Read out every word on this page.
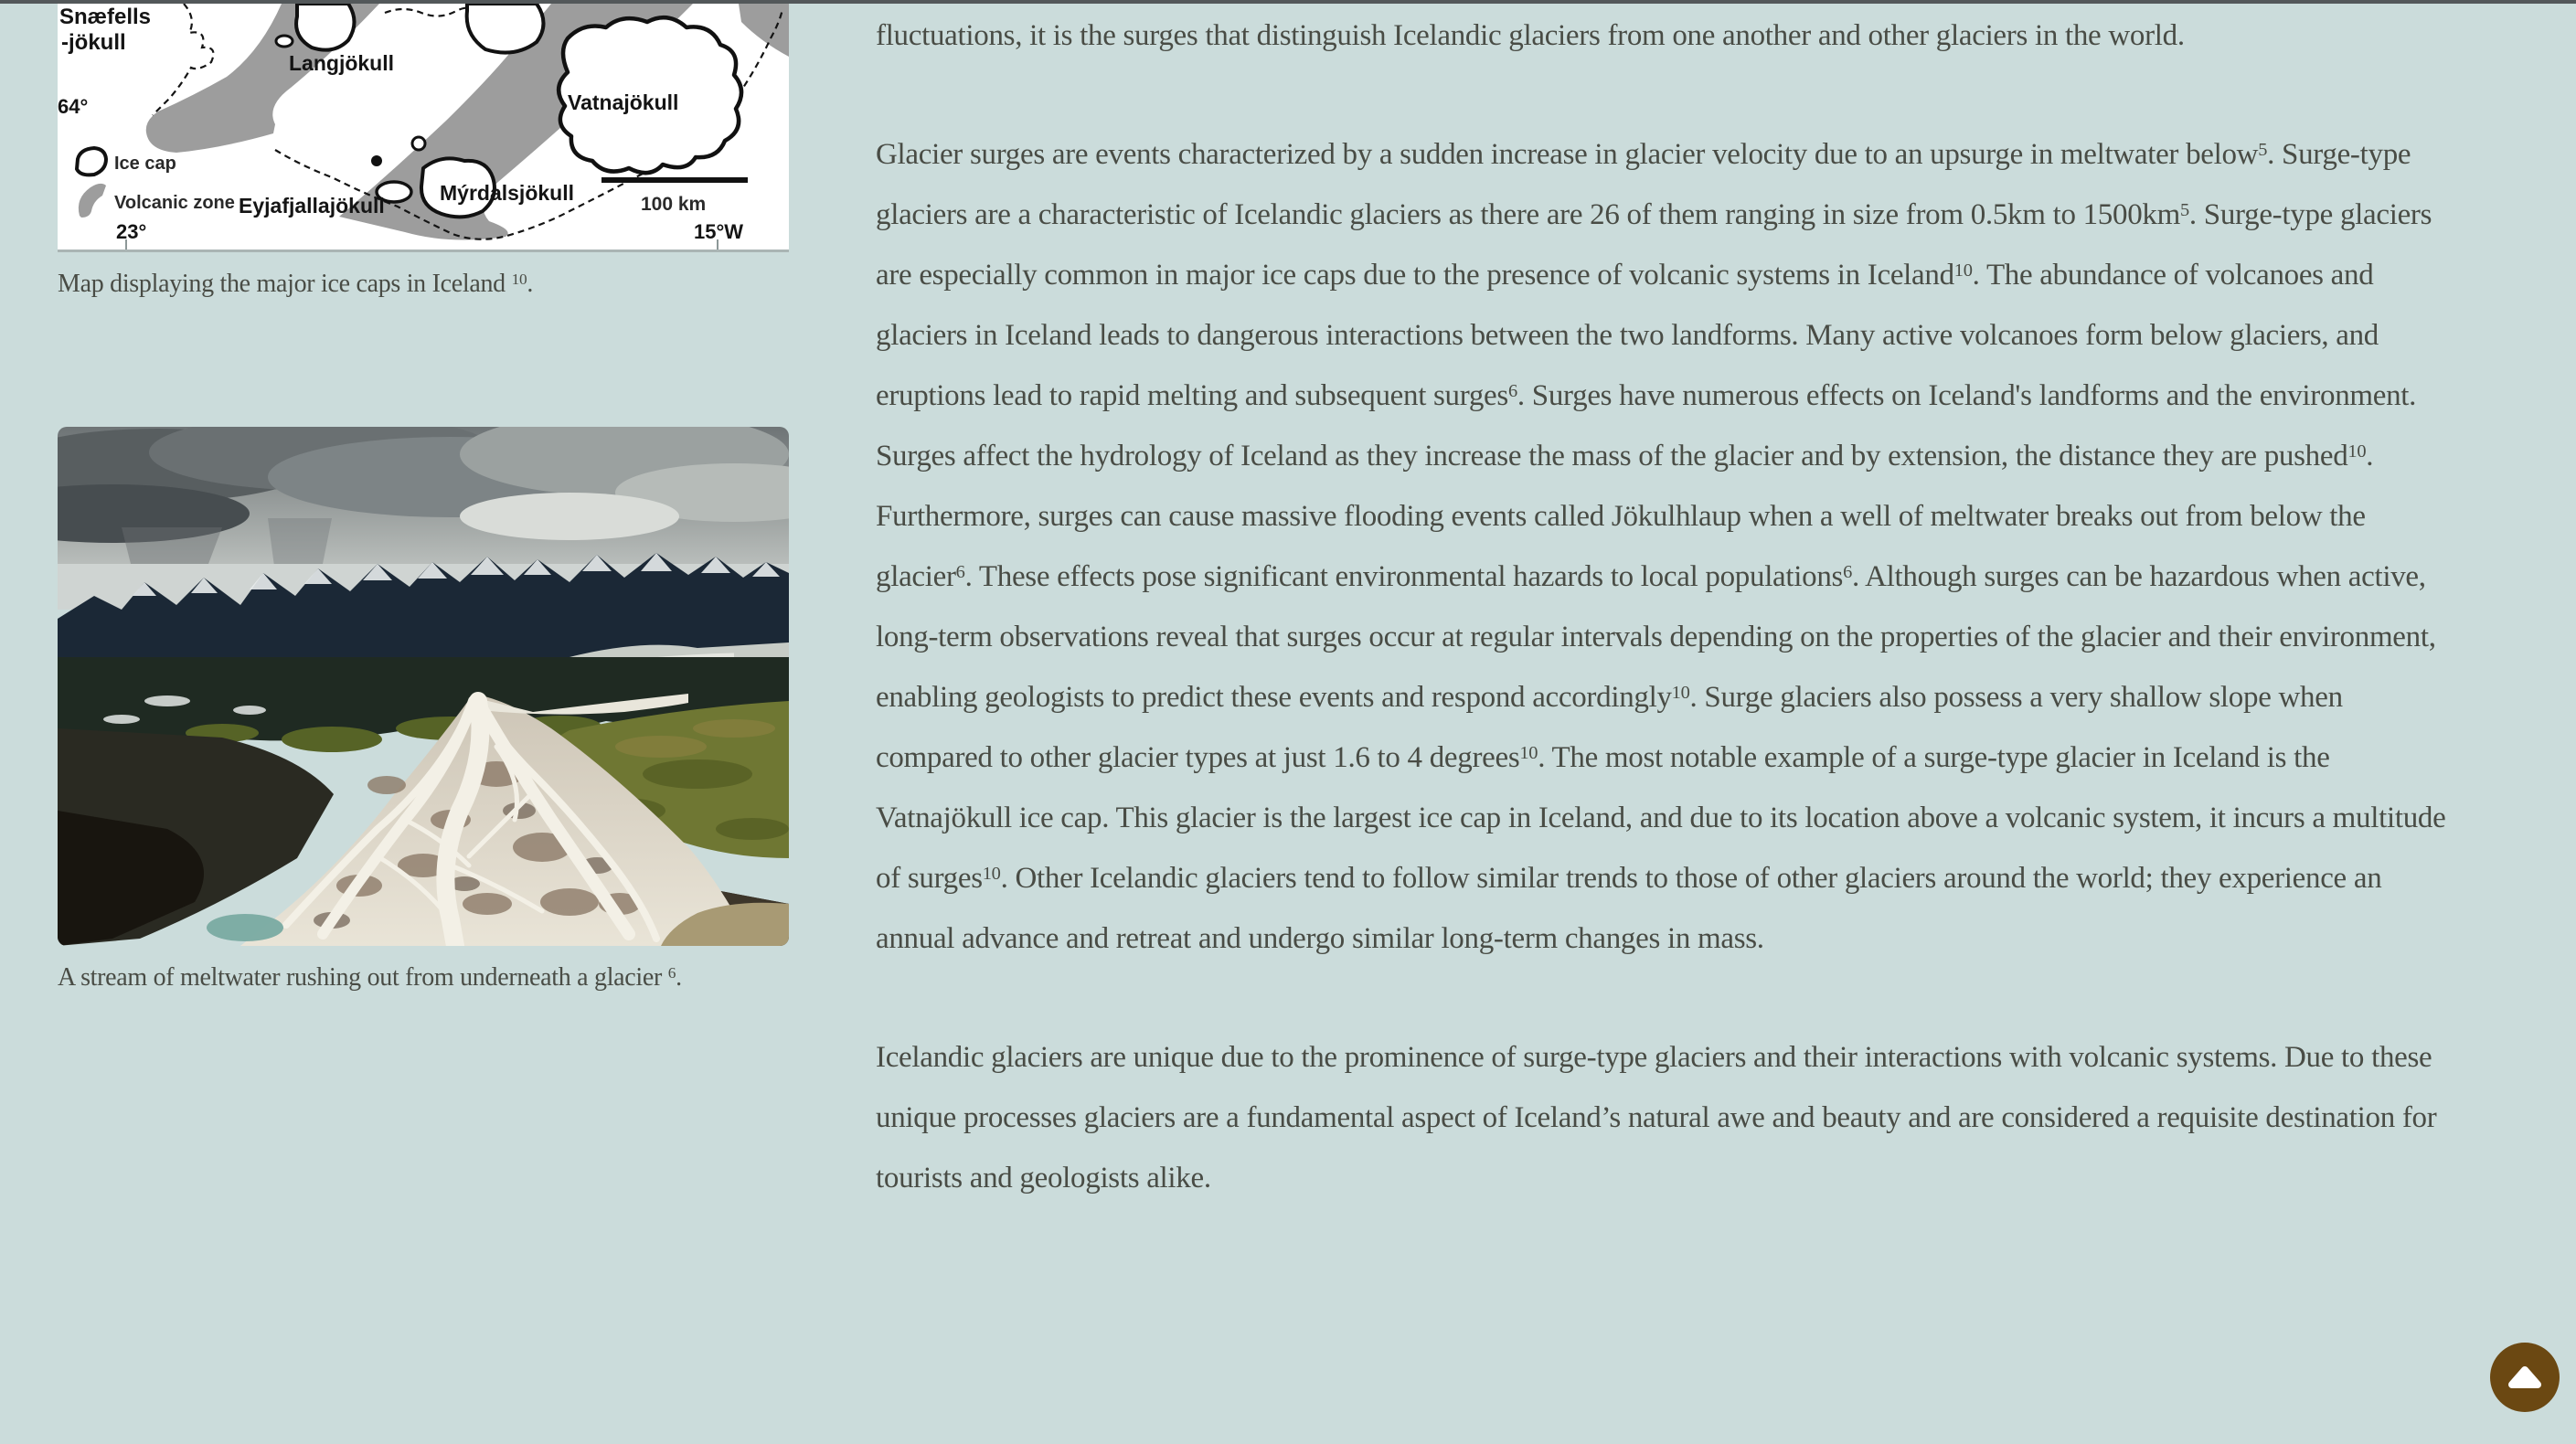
Snæfells
-jökull
64°
Langjökull
Vatnajökull
Ice cap
Volcanic zone Eyjafjallajökull
Mýrdalsjökull	100 km
23°	15°W
Map displaying the major ice caps in Iceland $^{10}$.
A stream of meltwater rushing out from underneath a glacier $^6$.

fluctuations, it is the surges that distinguish Icelandic glaciers from one another and other glaciers in the world.

Glacier surges are events characterized by a sudden increase in glacier velocity due to an upsurge in meltwater below$^5$. Surge-type glaciers are a characteristic of Icelandic glaciers as there are 26 of them ranging in size from 0.5km to $1500km^5$. Surge-type glaciers are especially common in major ice caps due to the presence of volcanic systems in Iceland$^{10}$. The abundance of volcanoes and glaciers in Iceland leads to dangerous interactions between the two landforms. Many active volcanoes form below glaciers, and eruptions lead to rapid melting and subsequent surges$^6$. Surges have numerous effects on Iceland's landforms and the environment. Surges affect the hydrology of Iceland as they increase the mass of the glacier and by extension, the distance they are pushed$^{10}$. Furthermore, surges can cause massive flooding events called Jökulhlaup when a well of meltwater breaks out from below the glacier$^6$. These effects pose significant environmental hazards to local populations$^6$. Although surges can be hazardous when active, long-term observations reveal that surges occur at regular intervals depending on the properties of the glacier and their environment, enabling geologists to predict these events and respond accordingly$^{10}$. Surge glaciers also possess a very shallow slope when compared to other glacier types at just 1.6 to 4 degrees$^{10}$. The most notable example of a surge-type glacier in Iceland is the Vatnajökull ice cap. This glacier is the largest ice cap in Iceland, and due to its location above a volcanic system, it incurs a multitude of surges$^{10}$. Other Icelandic glaciers tend to follow similar trends to those of other glaciers around the world; they experience an annual advance and retreat and undergo similar long-term changes in mass.

Icelandic glaciers are unique due to the prominence of surge-type glaciers and their interactions with volcanic systems. Due to these unique processes glaciers are a fundamental aspect of Iceland’s natural awe and beauty and are considered a requisite destination for tourists and geologists alike.
